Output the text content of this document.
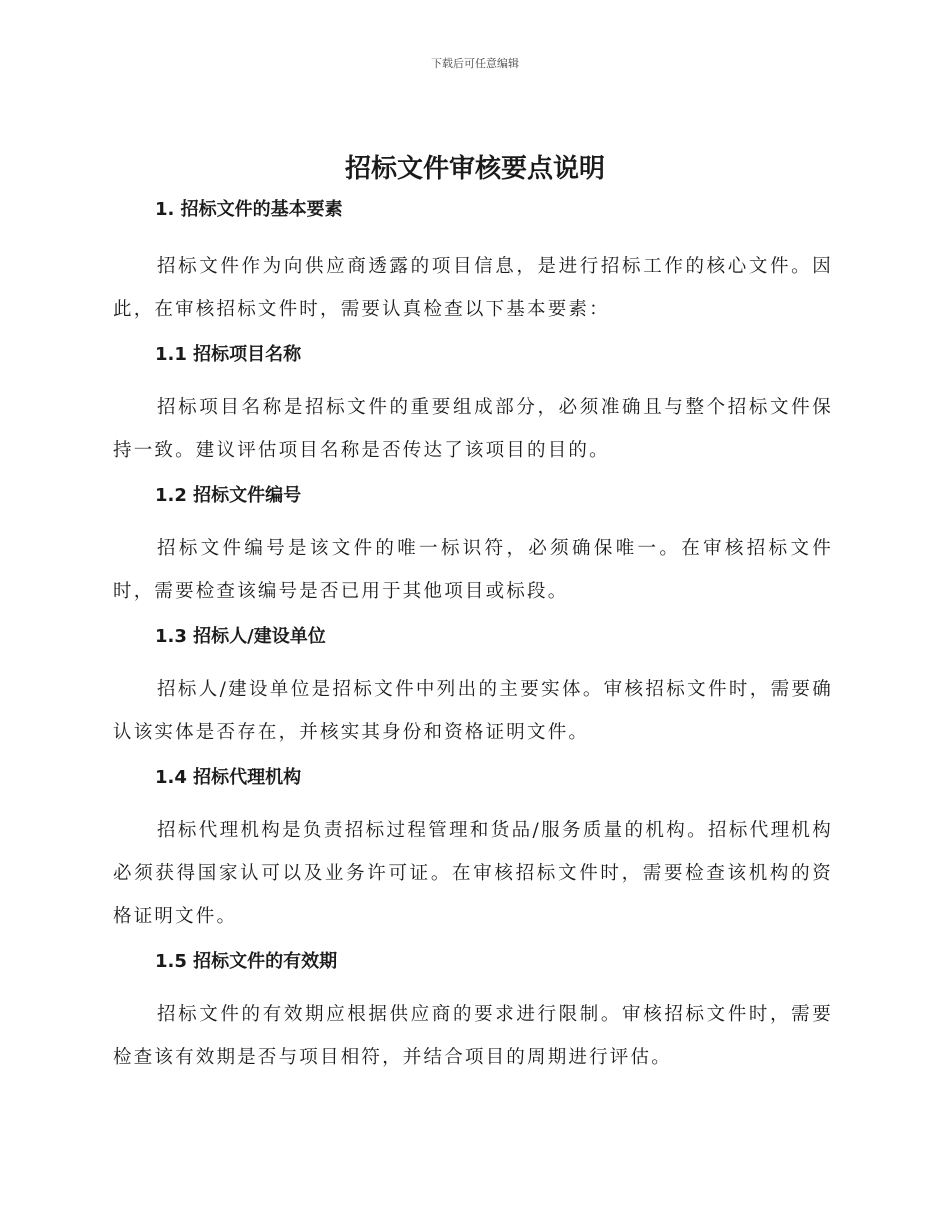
下载后可任意编辑
招标文件审核要点说明
1. 招标文件的基本要素

招标文件作为向供应商透露的项目信息，是进行招标工作的核心文件。因此，在审核招标文件时，需要认真检查以下基本要素：

1.1 招标项目名称

招标项目名称是招标文件的重要组成部分，必须准确且与整个招标文件保持一致。建议评估项目名称是否传达了该项目的目的。

1.2 招标文件编号

招标文件编号是该文件的唯一标识符，必须确保唯一。在审核招标文件时，需要检查该编号是否已用于其他项目或标段。

1.3 招标人/建设单位

招标人/建设单位是招标文件中列出的主要实体。审核招标文件时，需要确认该实体是否存在，并核实其身份和资格证明文件。

1.4 招标代理机构

招标代理机构是负责招标过程管理和货品/服务质量的机构。招标代理机构必须获得国家认可以及业务许可证。在审核招标文件时，需要检查该机构的资格证明文件。

1.5 招标文件的有效期

招标文件的有效期应根据供应商的要求进行限制。审核招标文件时，需要检查该有效期是否与项目相符，并结合项目的周期进行评估。
